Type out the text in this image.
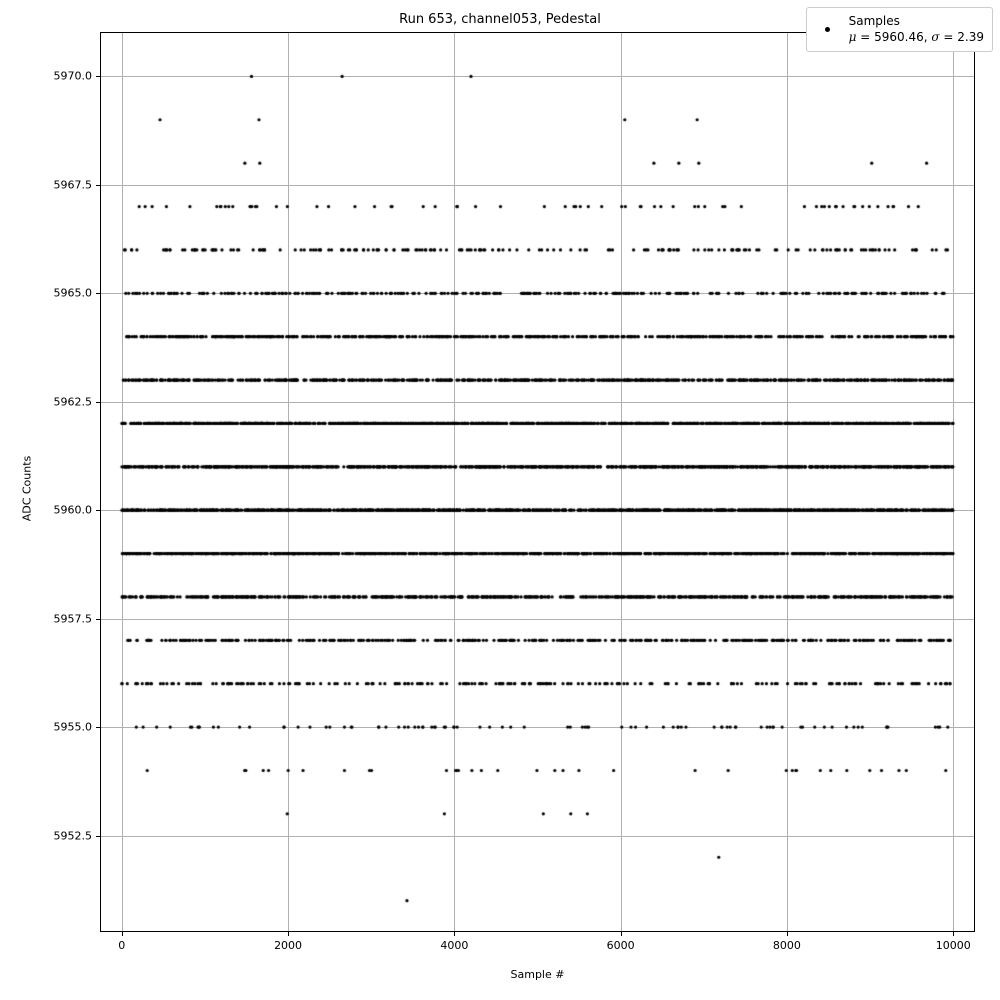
Run 653, channel053, Pedestal
Sample #
ADC Counts
Samples
μ = 5960.46, σ = 2.39
0	2000	4000	6000	8000	10000
5952.5
5955.0
5957.5
5960.0
5962.5
5965.0
5967.5
5970.0
